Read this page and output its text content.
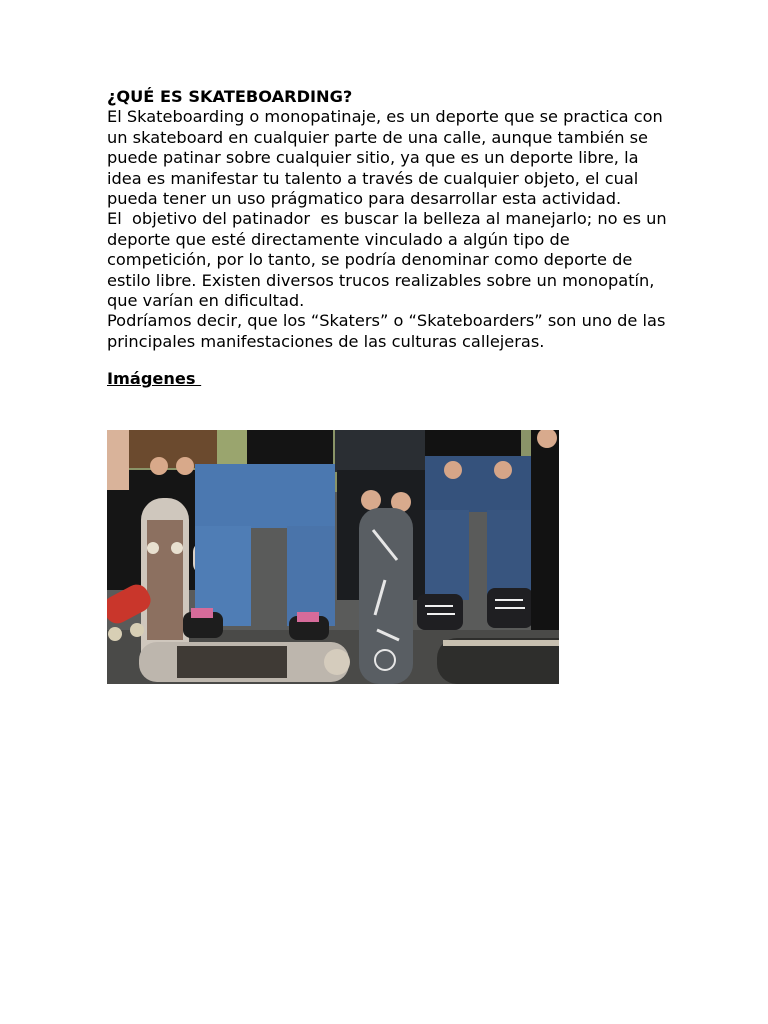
¿QUÉ ES SKATEBOARDING?

El Skateboarding o monopatinaje, es un deporte que se practica con un skateboard en cualquier parte de una calle, aunque también se puede patinar sobre cualquier sitio, ya que es un deporte libre, la idea es manifestar tu talento a través de cualquier objeto, el cual pueda tener un uso prágmatico para desarrollar esta actividad.

El  objetivo del patinador  es buscar la belleza al manejarlo; no es un deporte que esté directamente vinculado a algún tipo de competición, por lo tanto, se podría denominar como deporte de estilo libre. Existen diversos trucos realizables sobre un monopatín, que varían en dificultad.

Podríamos decir, que los “Skaters” o “Skateboarders” son uno de las principales manifestaciones de las culturas callejeras.

Imágenes
